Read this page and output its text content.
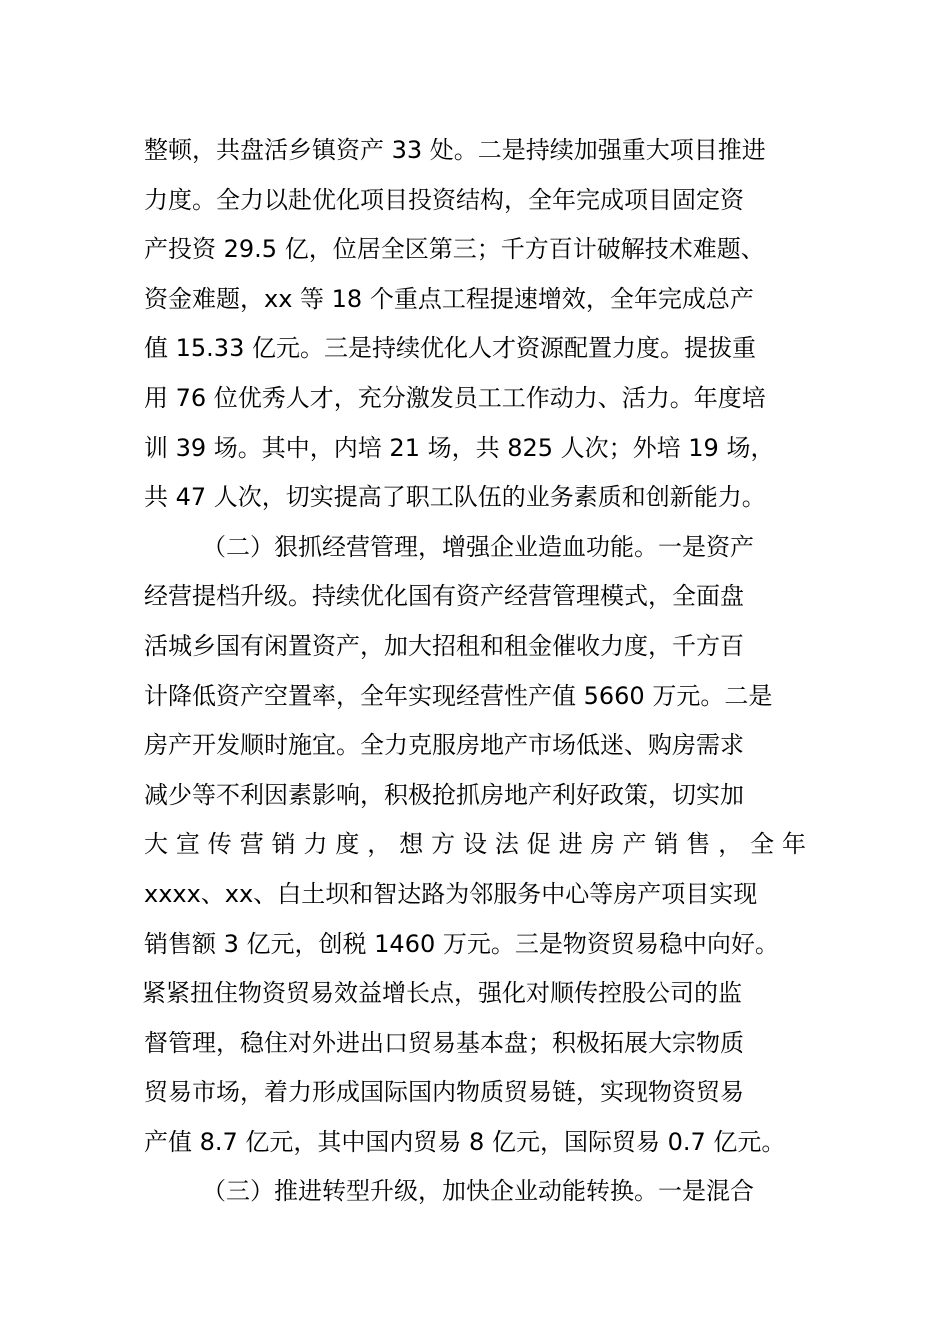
整顿，共盘活乡镇资产 33 处。二是持续加强重大项目推进
力度。全力以赴优化项目投资结构，全年完成项目固定资
产投资 29.5 亿，位居全区第三；千方百计破解技术难题、
资金难题，xx 等 18 个重点工程提速增效，全年完成总产
值 15.33 亿元。三是持续优化人才资源配置力度。提拔重
用 76 位优秀人才，充分激发员工工作动力、活力。年度培
训 39 场。其中，内培 21 场，共 825 人次；外培 19 场，
共 47 人次，切实提高了职工队伍的业务素质和创新能力。
（二）狠抓经营管理，增强企业造血功能。一是资产
经营提档升级。持续优化国有资产经营管理模式，全面盘
活城乡国有闲置资产，加大招租和租金催收力度，千方百
计降低资产空置率，全年实现经营性产值 5660 万元。二是
房产开发顺时施宜。全力克服房地产市场低迷、购房需求
减少等不利因素影响，积极抢抓房地产利好政策，切实加
大宣传营销力度，想方设法促进房产销售，全年
xxxx、xx、白土坝和智达路为邻服务中心等房产项目实现
销售额 3 亿元，创税 1460 万元。三是物资贸易稳中向好。
紧紧扭住物资贸易效益增长点，强化对顺传控股公司的监
督管理，稳住对外进出口贸易基本盘；积极拓展大宗物质
贸易市场，着力形成国际国内物质贸易链，实现物资贸易
产值 8.7 亿元，其中国内贸易 8 亿元，国际贸易 0.7 亿元。
（三）推进转型升级，加快企业动能转换。一是混合
